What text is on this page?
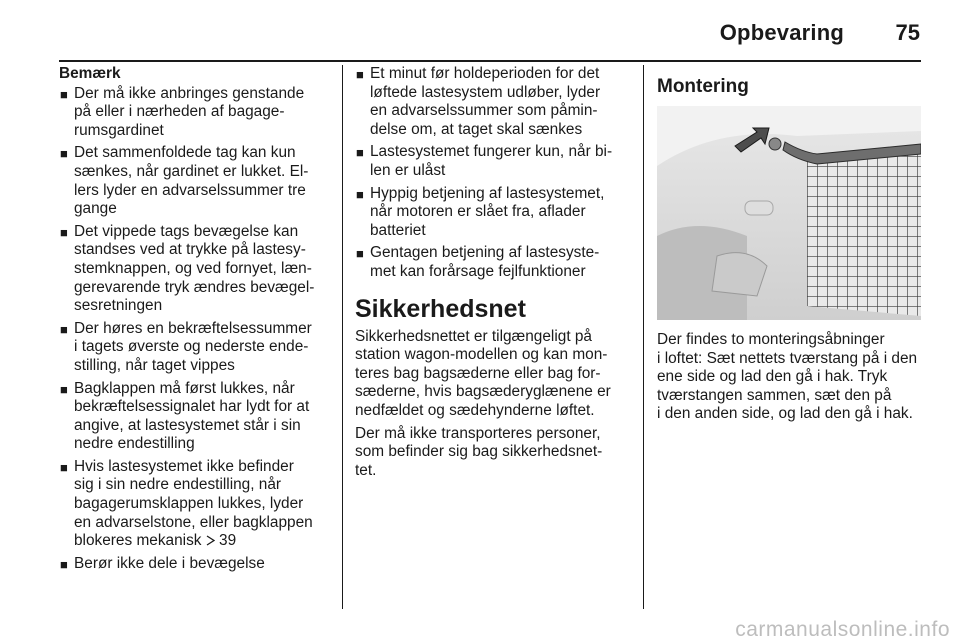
Opbevaring 75
Bemærk
■ Der må ikke anbringes genstande
på eller i nærheden af bagage-
rumsgardinet

■ Det sammenfoldede tag kan kun
sænkes, når gardinet er lukket. El-
lers lyder en advarselssummer tre
gange

■ Det vippede tags bevægelse kan
standses ved at trykke på lastesy-
stemknappen, og ved fornyet, læn-
gerevarende tryk ændres bevægel-
sesretningen

■ Der høres en bekræftelsessummer
i tagets øverste og nederste ende-
stilling, når taget vippes

■ Bagklappen må først lukkes, når
bekræftelsessignalet har lydt for at
angive, at lastesystemet står i sin
nedre endestilling

■ Hvis lastesystemet ikke befinder
sig i sin nedre endestilling, når
bagagerumsklappen lukkes, lyder
en advarselstone, eller bagklappen
blokeres mekanisk 39
■ Berør ikke dele i bevægelse

■ Et minut før holdeperioden for det
løftede lastesystem udløber, lyder
en advarselssummer som påmin-
delse om, at taget skal sænkes

■ Lastesystemet fungerer kun, når bi-
len er ulåst

■ Hyppig betjening af lastesystemet,
når motoren er slået fra, aflader
batteriet

■ Gentagen betjening af lastesyste-
met kan forårsage fejlfunktioner

Sikkerhedsnet
Sikkerhedsnettet er tilgængeligt på
station wagon-modellen og kan mon-
teres bag bagsæderne eller bag for-
sæderne, hvis bagsæderyglænene er
nedfældet og sædehynderne løftet.

Der må ikke transporteres personer,
som befinder sig bag sikkerhedsnet-
tet.

Montering
Der findes to monteringsåbninger
i loftet: Sæt nettets tværstang på i den
ene side og lad den gå i hak. Tryk
tværstangen sammen, sæt den på
i den anden side, og lad den gå i hak.

carmanualsonline.info
